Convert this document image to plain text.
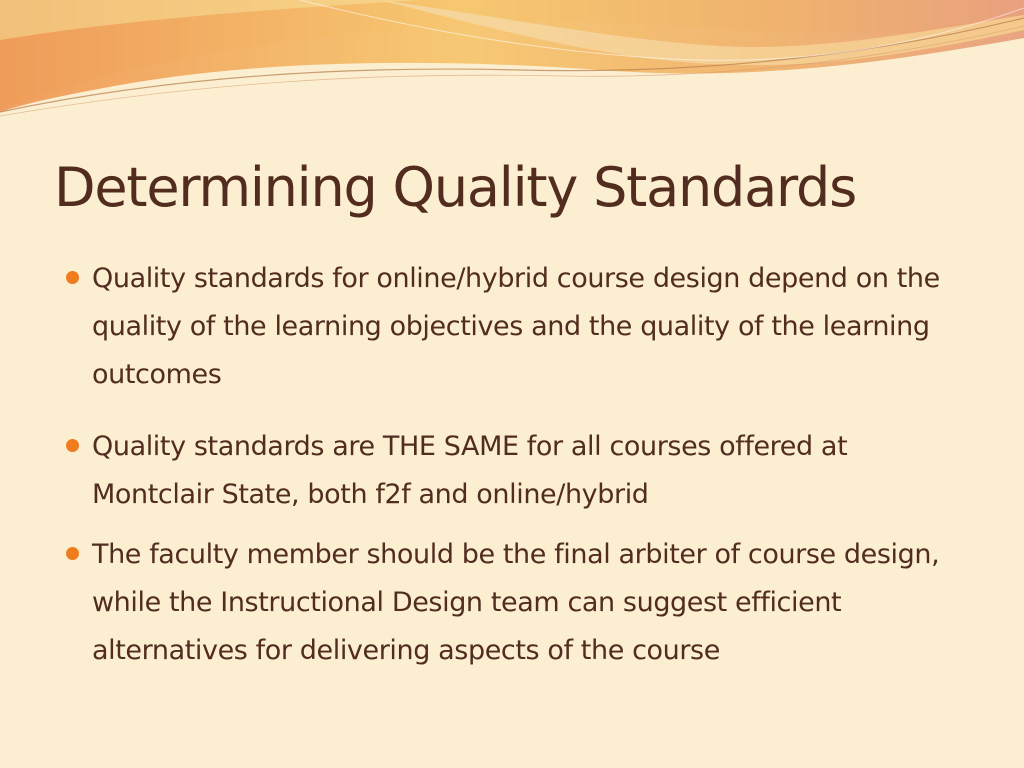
Determining Quality Standards
Quality standards for online/hybrid course design depend on the quality of the learning objectives and the quality of the learning outcomes
Quality standards are THE SAME for all courses offered at Montclair State, both f2f and online/hybrid
The faculty member should be the final arbiter of course design, while the Instructional Design team can suggest efficient alternatives for delivering aspects of the course
